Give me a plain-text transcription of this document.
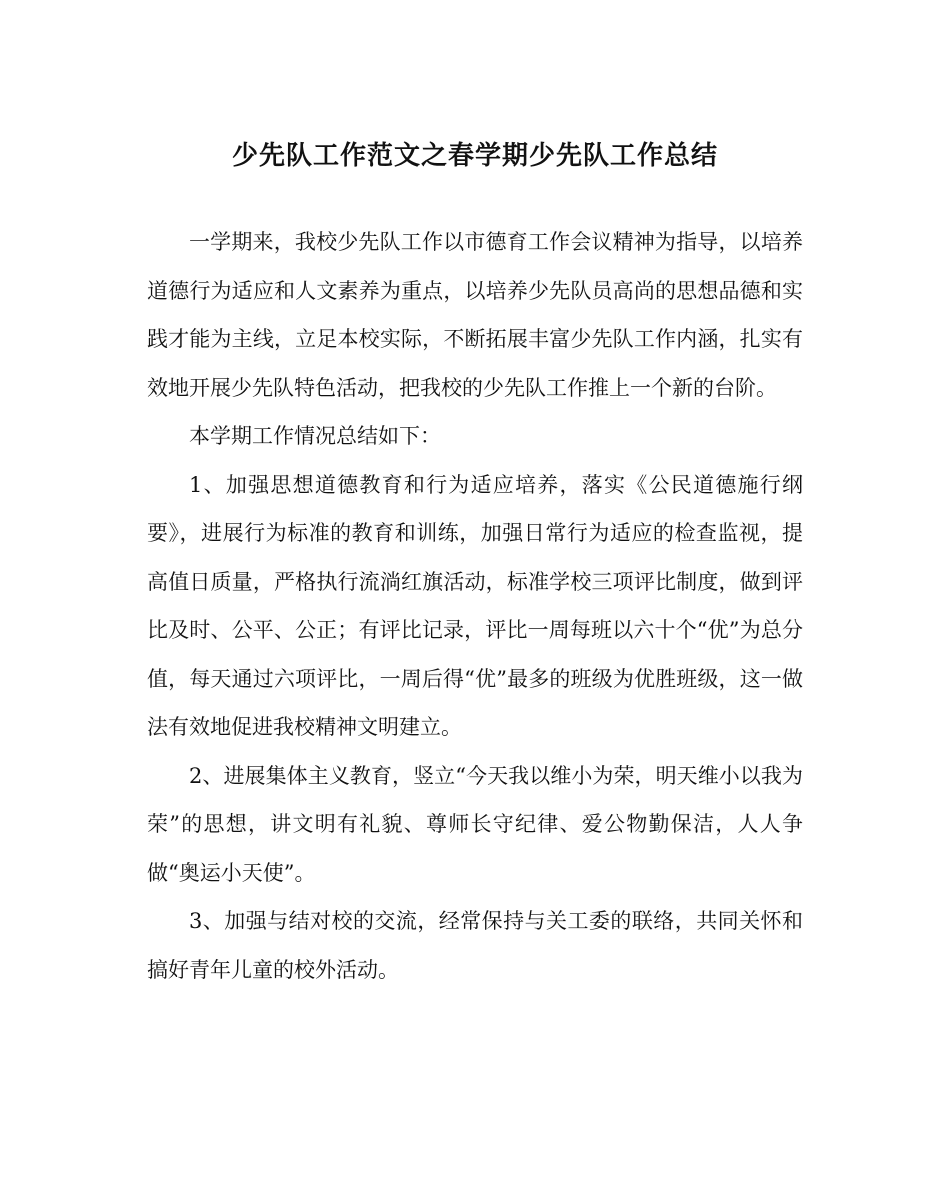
少先队工作范文之春学期少先队工作总结

一学期来，我校少先队工作以市德育工作会议精神为指导，以培养道德行为适应和人文素养为重点，以培养少先队员高尚的思想品德和实践才能为主线，立足本校实际，不断拓展丰富少先队工作内涵，扎实有效地开展少先队特色活动，把我校的少先队工作推上一个新的台阶。

本学期工作情况总结如下：

1、加强思想道德教育和行为适应培养，落实《公民道德施行纲要》，进展行为标准的教育和训练，加强日常行为适应的检查监视，提高值日质量，严格执行流淌红旗活动，标准学校三项评比制度，做到评比及时、公平、公正；有评比记录，评比一周每班以六十个“优”为总分值，每天通过六项评比，一周后得“优”最多的班级为优胜班级，这一做法有效地促进我校精神文明建立。

2、进展集体主义教育，竖立“今天我以维小为荣，明天维小以我为荣”的思想，讲文明有礼貌、尊师长守纪律、爱公物勤保洁，人人争做“奥运小天使”。

3、加强与结对校的交流，经常保持与关工委的联络，共同关怀和搞好青年儿童的校外活动。
